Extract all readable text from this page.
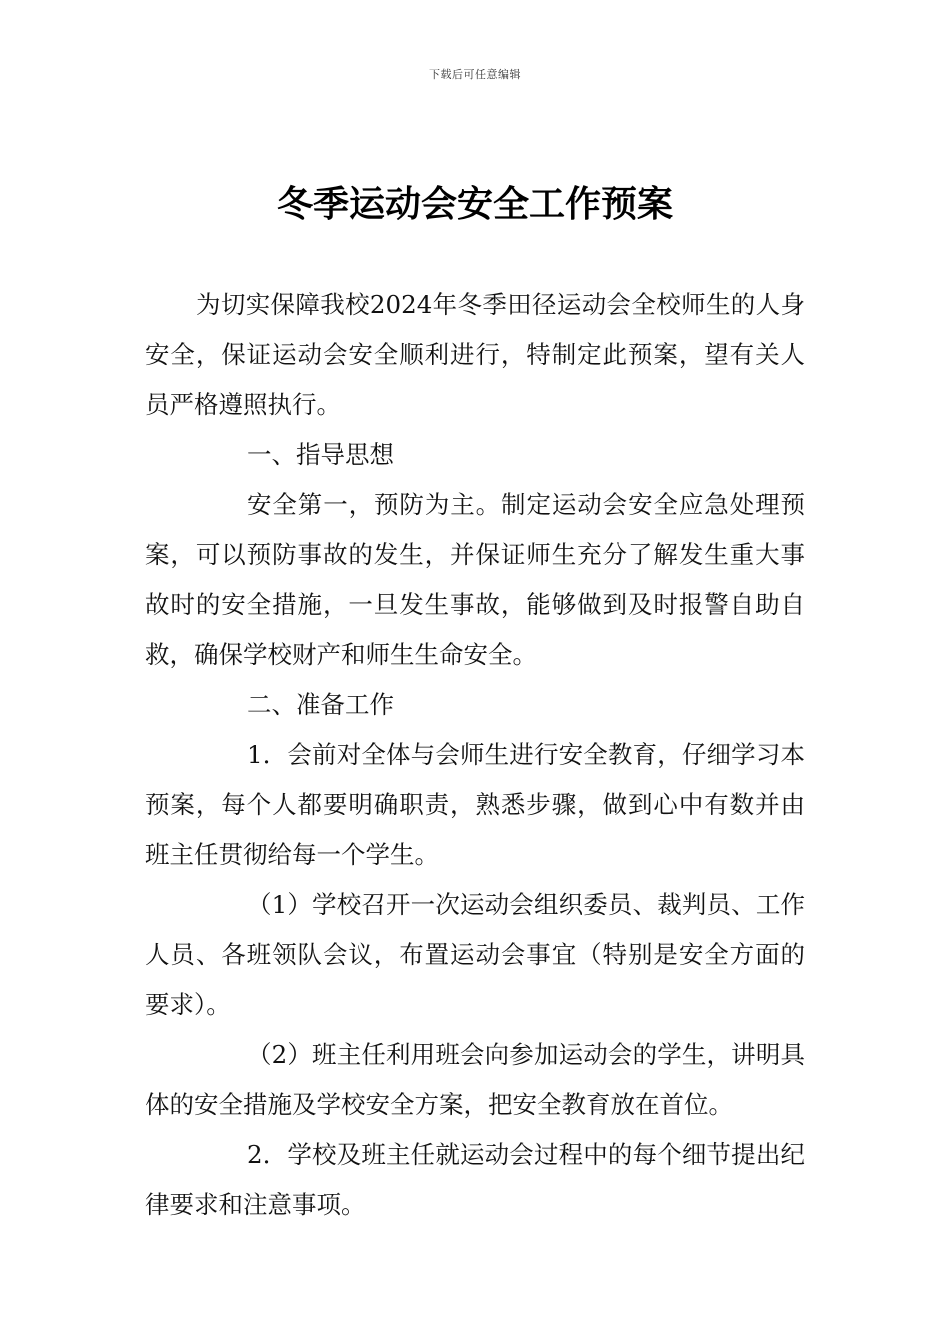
下载后可任意编辑
冬季运动会安全工作预案

为切实保障我校2024年冬季田径运动会全校师生的人身安全，保证运动会安全顺利进行，特制定此预案，望有关人员严格遵照执行。

一、指导思想

安全第一，预防为主。制定运动会安全应急处理预案，可以预防事故的发生，并保证师生充分了解发生重大事故时的安全措施，一旦发生事故，能够做到及时报警自助自救，确保学校财产和师生生命安全。

二、准备工作

1．会前对全体与会师生进行安全教育，仔细学习本预案，每个人都要明确职责，熟悉步骤，做到心中有数并由班主任贯彻给每一个学生。

（1）学校召开一次运动会组织委员、裁判员、工作人员、各班领队会议，布置运动会事宜（特别是安全方面的要求）。

（2）班主任利用班会向参加运动会的学生，讲明具体的安全措施及学校安全方案，把安全教育放在首位。

2．学校及班主任就运动会过程中的每个细节提出纪律要求和注意事项。
